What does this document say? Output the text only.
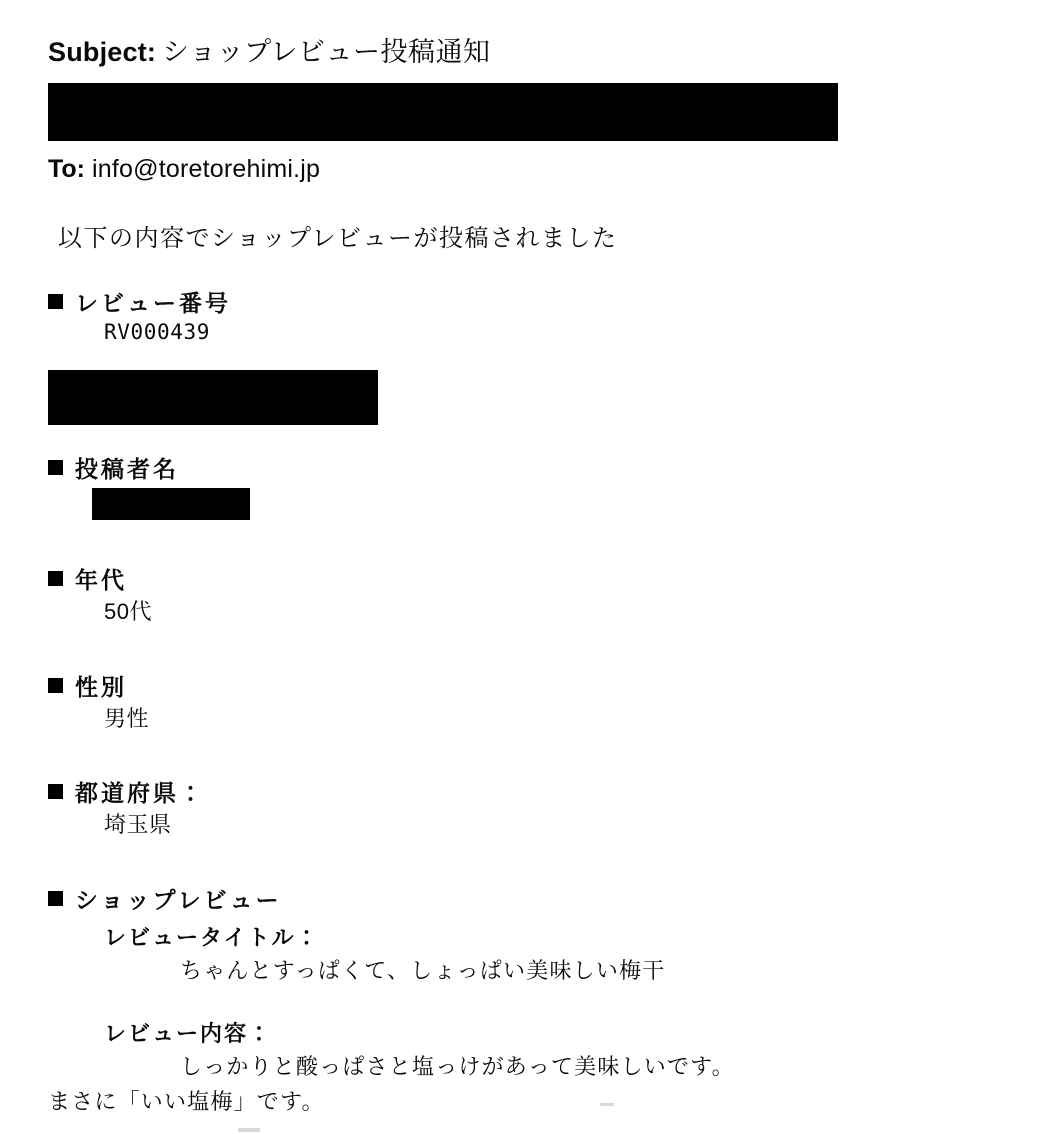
Subject: ショップレビュー投稿通知
To: info@toretorehimi.jp
以下の内容でショップレビューが投稿されました
レビュー番号
RV000439
投稿者名
年代
50代
性別
男性
都道府県：
埼玉県
ショップレビュー
レビュータイトル：
ちゃんとすっぱくて、しょっぱい美味しい梅干
レビュー内容：
しっかりと酸っぱさと塩っけがあって美味しいです。
まさに「いい塩梅」です。
